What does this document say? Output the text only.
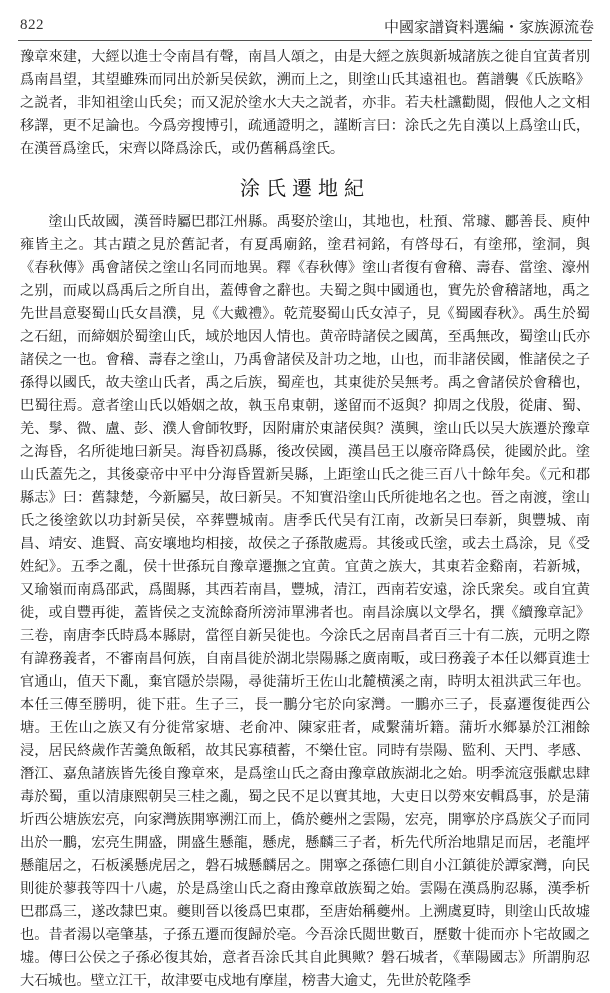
822	中國家譜資料選編・家族源流卷

豫章來建，大經以進士令南昌有聲，南昌人頌之，由是大經之族與新城諸族之徙自宜黃者別爲南昌望，其望雖殊而同出於新吴侯欽，溯而上之，則塗山氏其遠祖也。舊譜襲《氏族略》之説者，非知祖塗山氏矣；而又泥於塗水大夫之説者，亦非。若夫杜讜勸閲，假他人之文相移譯，更不足論也。今爲旁搜博引，疏通證明之，謹断言曰：涂氏之先自漢以上爲塗山氏，在漢晉爲塗氏，宋齊以降爲涂氏，或仍舊稱爲塗氏。

涂氏遷地紀

塗山氏故國，漢晉時屬巴郡江州縣。禹娶於塗山，其地也，杜預、常璩、酈善長、庾仲雍皆主之。其古蹟之見於舊記者，有夏禹廟銘，塗君祠銘，有啓母石，有塗郉，塗洞，與《春秋傳》禹會諸侯之塗山名同而地異。釋《春秋傳》塗山者復有會稽、壽春、當塗、濠州之别，而咸以爲禹后之所自出，蓋傅會之辭也。夫蜀之與中國通也，實先於會稽諸地，禹之先世昌意娶蜀山氏女昌濮，見《大戴禮》。乾荒娶蜀山氏女淖子，見《蜀國春秋》。禹生於蜀之石紐，而締姻於蜀塗山氏，域於地因人情也。黄帝時諸侯之國萬，至禹無改，蜀塗山氏亦諸侯之一也。會稽、壽春之塗山，乃禹會諸侯及計功之地，山也，而非諸侯國，惟諸侯之子孫得以國氏，故夫塗山氏者，禹之后族，蜀産也，其東徙於吴無考。禹之會諸侯於會稽也，巴蜀往焉。意者塗山氏以婚姻之故，執玉帛東朝，遂留而不返與？抑周之伐殷，從庸、蜀、羌、髳、微、盧、彭、濮人會師牧野，因附庸於東諸侯與？漢興，塗山氏以吴大族遷於豫章之海昏，名所徙地曰新吴。海昏初爲縣，後改侯國，漢昌邑王以廢帝降爲侯，徙國於此。塗山氏蓋先之，其後豪帝中平中分海昏置新吴縣，上距塗山氏之徙三百八十餘年矣。《元和郡縣志》曰：舊隸楚，今新屬吴，故曰新吴。不知實沿塗山氏所徙地名之也。晉之南渡，塗山氏之後塗欽以功封新吴侯，卒葬豐城南。唐季氏代吴有江南，改新吴曰奉新，與豐城、南昌、靖安、進賢、高安壤地均相接，故侯之子孫散處焉。其後或氏塗，或去土爲涂，見《受姓紀》。五季之亂，侯十世孫玩自豫章遷撫之宜黄。宜黄之族大，其東若金谿南，若新城，又瑜嶺而南爲邵武，爲閩縣，其西若南昌，豐城，清江，西南若安遠，涂氏衆矣。或自宜黄徙，或自豐再徙，蓋皆侯之支流餘裔所滂沛單沸者也。南昌涂廙以文學名，撰《續豫章記》三卷，南唐李氏時爲本縣尉，當徑自新吴徙也。今涂氏之居南昌者百三十有二族，元明之際有諱務義者，不審南昌何族，自南昌徙於湖北崇陽縣之廣南畈，或曰務義子本任以郷貢進士官通山，值天下亂，棄官隱於崇陽，尋徙蒲圻王佐山北麓横溪之南，時明太祖洪武三年也。本任三傳至勝明，徙下莊。生子三，長一鵬分宅於向家灣。一鵬亦三子，長嘉遷復徙西公塘。王佐山之族又有分徙常家塘、老俞冲、陳家莊者，咸繫蒲圻籍。蒲圻水鄉暴於江湘餘浸，居民終歲作苦羹魚飯稻，故其民寡積蓄，不樂仕宦。同時有崇陽、監利、天門、孝感、潛江、嘉魚諸族皆先後自豫章來，是爲塗山氏之裔由豫章啟族湖北之始。明季流寇張獻忠肆毒於蜀，重以清康熙朝吴三桂之亂，蜀之民不足以實其地，大吏日以勞來安輯爲事，於是蒲圻西公塘族宏亮，向家灣族開寧溯江而上，僑於夔州之雲陽，宏亮，開寧於序爲族父子而同出於一鵬，宏亮生開盛，開盛生懸龍，懸虎，懸麟三子者，析先代所治地鼎足而居，老龍坪懸龍居之，石板溪懸虎居之，磐石城懸麟居之。開寧之孫德仁則自小江鎮徙於譚家灣，向民則徙於蓼莪等四十八處，於是爲塗山氏之裔由豫章啟族蜀之始。雲陽在漢爲朐忍縣，漢季析巴郡爲三，遂改隸巴東。夔則晉以後爲巴東郡，至唐始稱夔州。上溯虞夏時，則塗山氏故墟也。昔者湯以亳肇基，子孫五遷而復歸於亳。今吾涂氏閲世數百，歷數十徙而亦卜宅故國之墟。傳曰公侯之子孫必復其始，意者吾涂氏其自此興歟？磐石城者，《華陽國志》所謂朐忍大石城也。壁立江干，故津要屯戍地有摩崖，榜書大逾丈，先世於乾隆季
